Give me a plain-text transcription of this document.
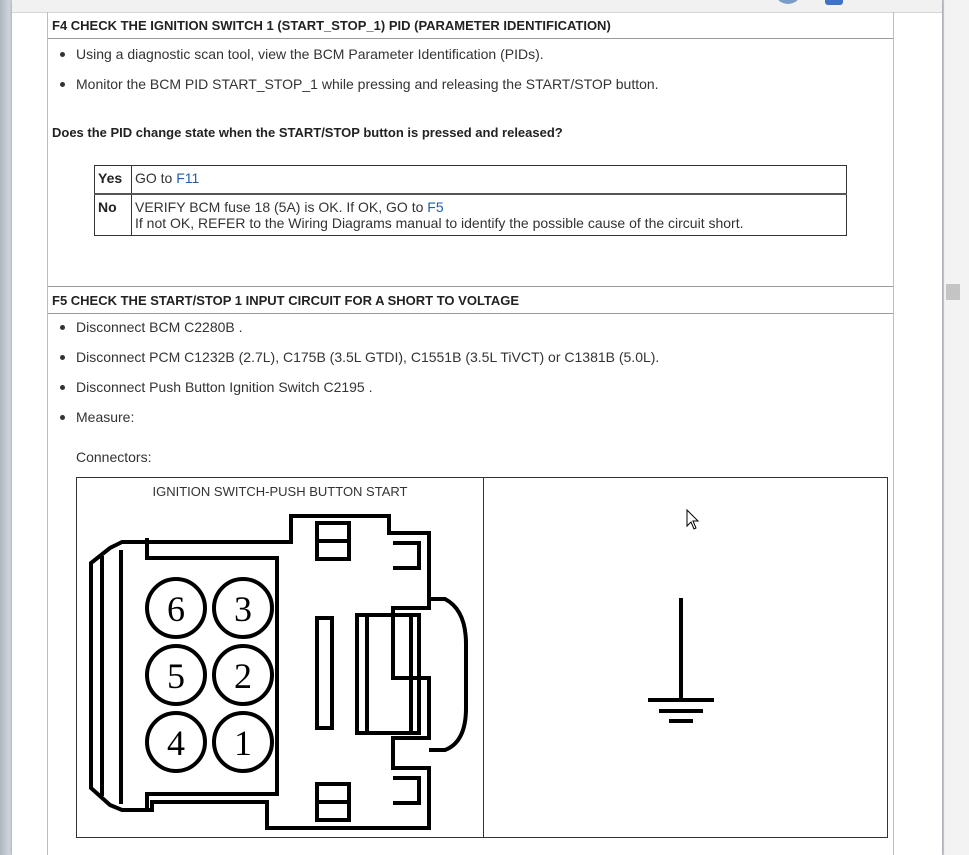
F4 CHECK THE IGNITION SWITCH 1 (START_STOP_1) PID (PARAMETER IDENTIFICATION)
Using a diagnostic scan tool, view the BCM Parameter Identification (PIDs).
Monitor the BCM PID START_STOP_1 while pressing and releasing the START/STOP button.
Does the PID change state when the START/STOP button is pressed and released?
Yes	GO to F11
No	VERIFY BCM fuse 18 (5A) is OK. If OK, GO to F5
If not OK, REFER to the Wiring Diagrams manual to identify the possible cause of the circuit short.
F5 CHECK THE START/STOP 1 INPUT CIRCUIT FOR A SHORT TO VOLTAGE
Disconnect BCM C2280B .
Disconnect PCM C1232B (2.7L), C175B (3.5L GTDI), C1551B (3.5L TiVCT) or C1381B (5.0L).
Disconnect Push Button Ignition Switch C2195 .
Measure:
Connectors:
IGNITION SWITCH-PUSH BUTTON START
6 3
5 2
4 1
